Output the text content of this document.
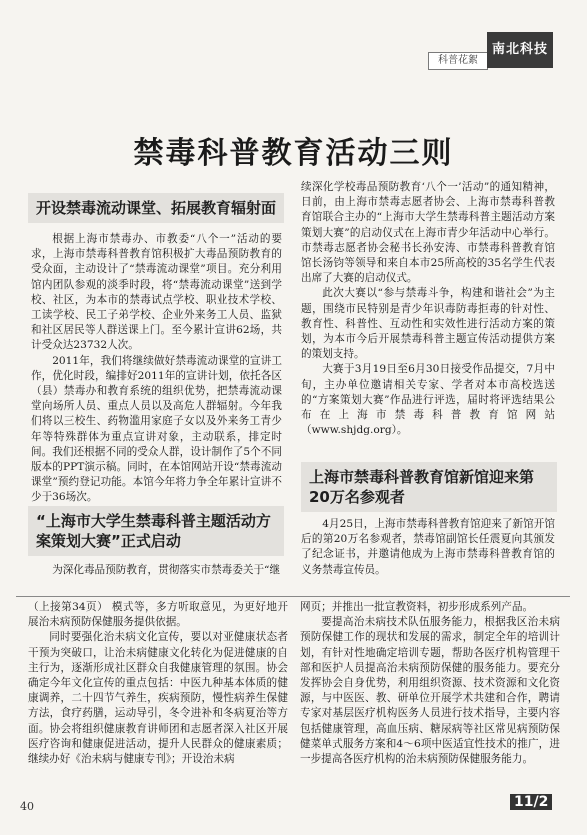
科普花絮
南北科技
禁毒科普教育活动三则
开设禁毒流动课堂、拓展教育辐射面

根据上海市禁毒办、市教委“八个一”活动的要求，上海市禁毒科普教育馆积极扩大毒品预防教育的受众面，主动设计了“禁毒流动课堂”项目。充分利用馆内团队参观的淡季时段，将“禁毒流动课堂”送到学校、社区，为本市的禁毒试点学校、职业技术学校、工读学校、民工子弟学校、企业外来务工人员、监狱和社区居民等人群送课上门。至今累计宣讲62场，共计受众达23732人次。

2011年，我们将继续做好禁毒流动课堂的宣讲工作，优化时段，编排好2011年的宣讲计划，依托各区（县）禁毒办和教育系统的组织优势，把禁毒流动课堂向场所人员、重点人员以及高危人群辐射。今年我们将以三校生、药物滥用家庭子女以及外来务工青少年等特殊群体为重点宣讲对象，主动联系，排定时间。我们还根据不同的受众人群，设计制作了5个不同版本的PPT演示稿。同时，在本馆网站开设“禁毒流动课堂”预约登记功能。本馆今年将力争全年累计宣讲不少于36场次。

“上海市大学生禁毒科普主题活动方案策划大赛”正式启动

为深化毒品预防教育，贯彻落实市禁毒委关于“继

续深化学校毒品预防教育‘八个一’活动”的通知精神，日前，由上海市禁毒志愿者协会、上海市禁毒科普教育馆联合主办的“上海市大学生禁毒科普主题活动方案策划大赛”的启动仪式在上海市青少年活动中心举行。市禁毒志愿者协会秘书长孙安涛、市禁毒科普教育馆馆长汤钧等领导和来自本市25所高校的35名学生代表出席了大赛的启动仪式。

此次大赛以“参与禁毒斗争，构建和谐社会”为主题，围绕市民特别是青少年识毒防毒拒毒的针对性、教育性、科普性、互动性和实效性进行活动方案的策划，为本市今后开展禁毒科普主题宣传活动提供方案的策划支持。

大赛于3月19日至6月30日接受作品提交，7月中旬，主办单位邀请相关专家、学者对本市高校选送的“方案策划大赛”作品进行评选，届时将评选结果公布在上海市禁毒科普教育馆网站（www.shjdg.org）。

上海市禁毒科普教育馆新馆迎来第20万名参观者

4月25日，上海市禁毒科普教育馆迎来了新馆开馆后的第20万名参观者，禁毒馆副馆长任震夏向其颁发了纪念证书，并邀请他成为上海市禁毒科普教育馆的义务禁毒宣传员。

（上接第34页） 模式等，多方听取意见，为更好地开展治未病预防保健服务提供依据。

同时要强化治未病文化宣传，要以对亚健康状态者干预为突破口，让治未病健康文化转化为促进健康的自主行为，逐渐形成社区群众自我健康管理的氛围。协会确定今年文化宣传的重点包括：中医九种基本体质的健康调养，二十四节气养生，疾病预防，慢性病养生保健方法，食疗药膳，运动导引，冬令进补和冬病夏治等方面。协会将组织健康教育讲师团和志愿者深入社区开展医疗咨询和健康促进活动，提升人民群众的健康素质；继续办好《治未病与健康专刊》；开设治未病

网页；并推出一批宣教资料，初步形成系列产品。

要提高治未病技术队伍服务能力，根据我区治未病预防保健工作的现状和发展的需求，制定全年的培训计划，有针对性地确定培训专题，帮助各医疗机构管理干部和医护人员提高治未病预防保健的服务能力。要充分发挥协会自身优势，利用组织资源、技术资源和文化资源，与中医医、教、研单位开展学术共建和合作，聘请专家对基层医疗机构医务人员进行技术指导，主要内容包括健康管理，高血压病、糖尿病等社区常见病预防保健菜单式服务方案和4～6项中医适宜性技术的推广，进一步提高各医疗机构的治未病预防保健服务能力。

40	11/2
